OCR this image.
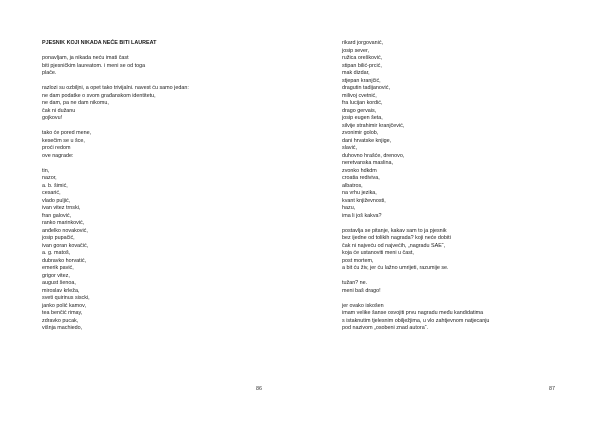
PJESNIK KOJI NIKADA NEĆE BITI LAUREAT
ponavljam, ja nikada neću imati čast
biti pjesničkim laureatom. i meni se od toga
plače.
razlozi su ozbiljni, a opet tako trivijalni. navest ću samo jedan:
ne dam podatke o svom građanskom identitetu,
ne dam, pa ne dam nikomu,
čak ni dužanu
gojkovu!
tako će pored mene,
kesečim se u šce,
proći redom
ove nagrade:
tin,
nazor,
a. b. šimić,
cesarić,
vlado puljić,
ivan vitez trnski,
fran galović,
ranko marinković,
anđelko novaković,
josip pupačić,
ivan goran kovačić,
a. g. matoš,
dubravko horvatić,
emerik pavić,
grigor vitez,
august šenoa,
miroslav krleža,
sveti quirinus siscki,
janko polić kamov,
tea benčić rimay,
zdravko pucak,
višnja machiedo,
86
rikard jorgovanić,
josip sever,
ružica orešković,
stipan bilić-prcić,
mak dizdar,
stjepan kranjčić,
dragutin tadijanović,
milivoj cvetnić,
fra lucijan kordić,
drago gervais,
josip eugen šeta,
silvije strahimir kranjčević,
zvonimir golob,
dani hrvatske knjige,
slavić,
duhovno hrašće, drenovo,
neretvanska maslina,
zvonko hdkdm
croatia rediviva,
albatros,
na vrhu jezika,
kvant književnosti,
hazu,
ima li još kakva?
postavlja se pitanje, kakav sam to ja pjesnik
bez ijedne od tolikih nagrada? koji neće dobiti
čak ni najveću od najvećih, „nagradu SAE“,
koja će ustanoviti meni u čast,
post mortem,
a bit ću živ, jer ću lažno umrijeti, razumije se.
tužan? ne.
meni baš drago!
jer ovako iskošen
imam velike šanse osvojiti prvu nagradu među kandidatima
s istaknutim tjelesnim obilježjima, u vlo zahtjevnom natjecanju
pod nazivom „osobeni znad autora“.
87
